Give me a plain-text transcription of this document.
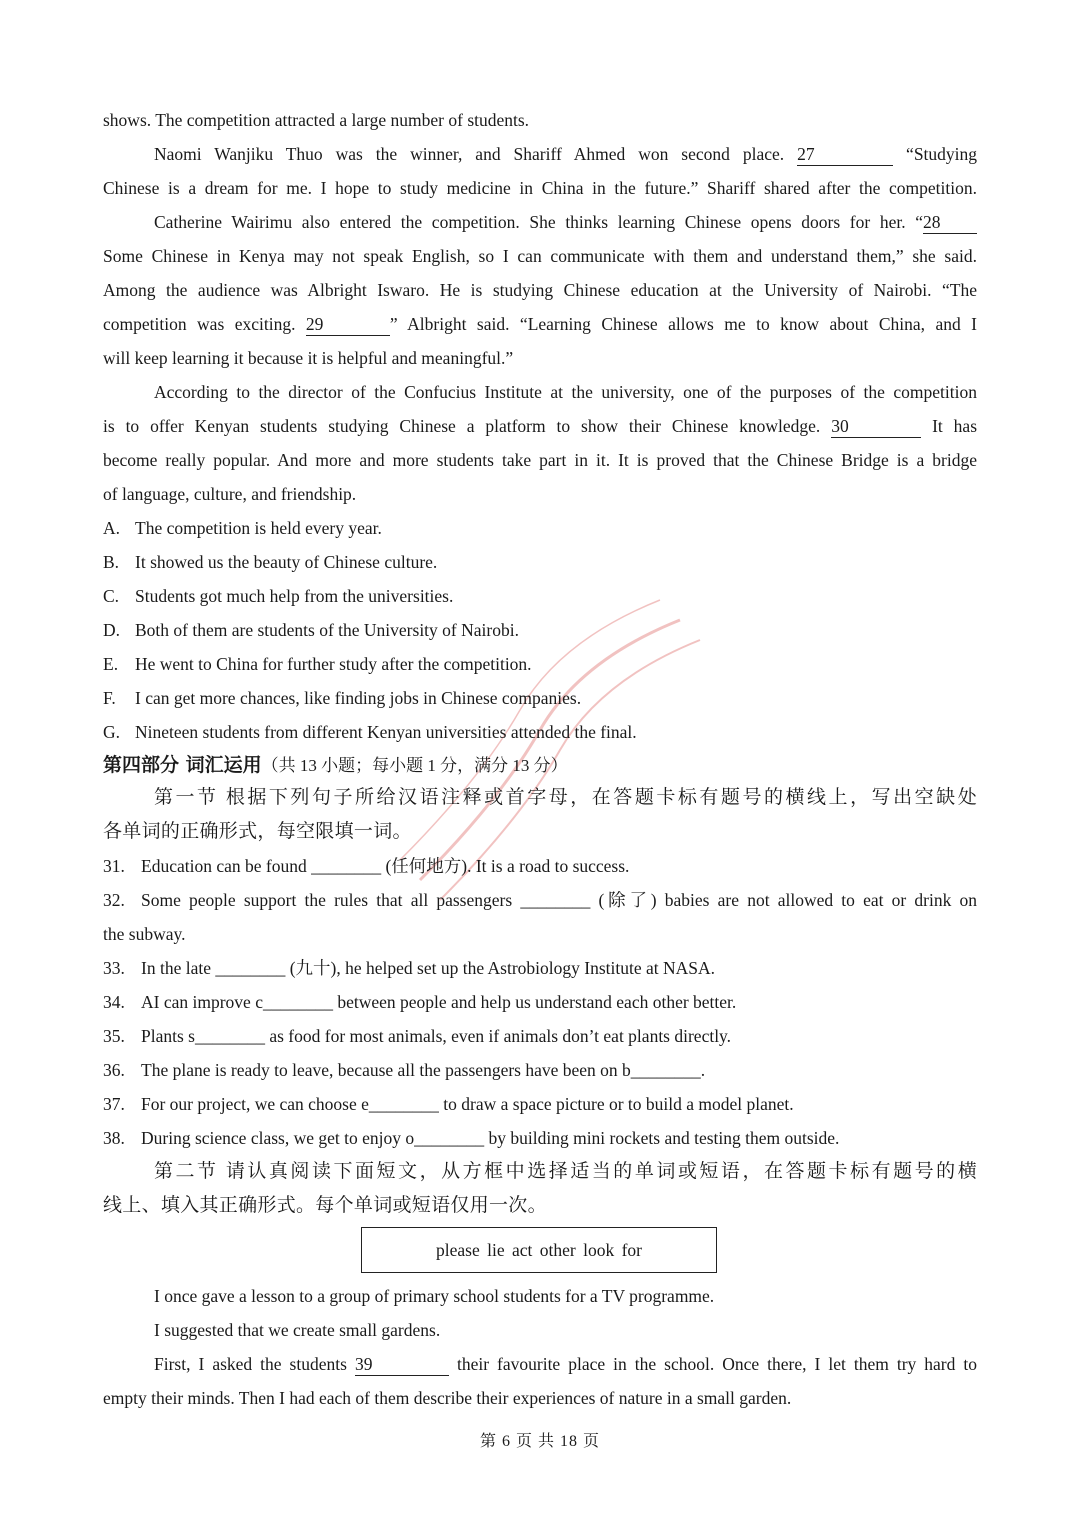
shows. The competition attracted a large number of students.
Naomi Wanjiku Thuo was the winner, and Shariff Ahmed won second place. 27	“Studying
Chinese is a dream for me. I hope to study medicine in China in the future.” Shariff shared after the competition.
Catherine Wairimu also entered the competition. She thinks learning Chinese opens doors for her. “28
Some Chinese in Kenya may not speak English, so I can communicate with them and understand them,” she said.
Among the audience was Albright Iswaro. He is studying Chinese education at the University of Nairobi. “The
competition was exciting. 29	” Albright said. “Learning Chinese allows me to know about China, and I
will keep learning it because it is helpful and meaningful.”
According to the director of the Confucius Institute at the university, one of the purposes of the competition
is to offer Kenyan students studying Chinese a platform to show their Chinese knowledge. 30	It has
become really popular. And more and more students take part in it. It is proved that the Chinese Bridge is a bridge
of language, culture, and friendship.
A. The competition is held every year.
B. It showed us the beauty of Chinese culture.
C. Students got much help from the universities.
D. Both of them are students of the University of Nairobi.
E. He went to China for further study after the competition.
F. I can get more chances, like finding jobs in Chinese companies.
G. Nineteen students from different Kenyan universities attended the final.
第四部分 词汇运用（共 13 小题；每小题 1 分，满分 13 分）
第一节 根据下列句子所给汉语注释或首字母，在答题卡标有题号的横线上，写出空缺处
各单词的正确形式，每空限填一词。
31. Education can be found ________ (任何地方). It is a road to success.
32. Some people support the rules that all passengers ________ (除了) babies are not allowed to eat or drink on
the subway.
33. In the late ________ (九十), he helped set up the Astrobiology Institute at NASA.
34. AI can improve c________ between people and help us understand each other better.
35. Plants s________ as food for most animals, even if animals don’t eat plants directly.
36. The plane is ready to leave, because all the passengers have been on b________.
37. For our project, we can choose e________ to draw a space picture or to build a model planet.
38. During science class, we get to enjoy o________ by building mini rockets and testing them outside.
第二节 请认真阅读下面短文，从方框中选择适当的单词或短语，在答题卡标有题号的横
线上、填入其正确形式。每个单词或短语仅用一次。
please lie act other look for
I once gave a lesson to a group of primary school students for a TV programme.
I suggested that we create small gardens.
First, I asked the students 39	their favourite place in the school. Once there, I let them try hard to
empty their minds. Then I had each of them describe their experiences of nature in a small garden.
第 6 页 共 18 页
